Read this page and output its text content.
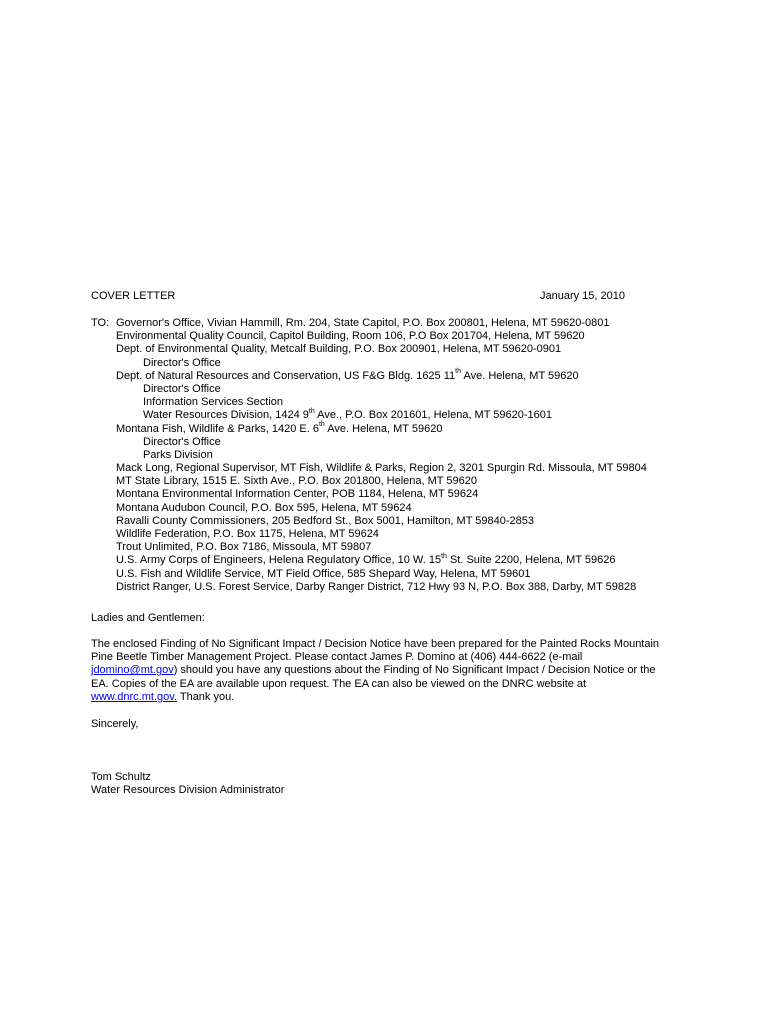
COVER LETTER	January 15, 2010
TO: Governor's Office, Vivian Hammill, Rm. 204, State Capitol, P.O. Box 200801, Helena, MT 59620-0801
Environmental Quality Council, Capitol Building, Room 106, P.O Box 201704, Helena, MT 59620
Dept. of Environmental Quality, Metcalf Building, P.O. Box 200901, Helena, MT 59620-0901
Director's Office
Dept. of Natural Resources and Conservation, US F&G Bldg. 1625 11th Ave. Helena, MT 59620
Director's Office
Information Services Section
Water Resources Division, 1424 9th Ave., P.O. Box 201601, Helena, MT 59620-1601
Montana Fish, Wildlife & Parks, 1420 E. 6th Ave. Helena, MT 59620
Director's Office
Parks Division
Mack Long, Regional Supervisor, MT Fish, Wildlife & Parks, Region 2, 3201 Spurgin Rd. Missoula, MT 59804
MT State Library, 1515 E. Sixth Ave., P.O. Box 201800, Helena, MT 59620
Montana Environmental Information Center, POB 1184, Helena, MT 59624
Montana Audubon Council, P.O. Box 595, Helena, MT 59624
Ravalli County Commissioners, 205 Bedford St., Box 5001, Hamilton, MT 59840-2853
Wildlife Federation, P.O. Box 1175, Helena, MT 59624
Trout Unlimited, P.O. Box 7186, Missoula, MT 59807
U.S. Army Corps of Engineers, Helena Regulatory Office, 10 W. 15th St. Suite 2200, Helena, MT 59626
U.S. Fish and Wildlife Service, MT Field Office, 585 Shepard Way, Helena, MT 59601
District Ranger, U.S. Forest Service, Darby Ranger District, 712 Hwy 93 N, P.O. Box 388, Darby, MT 59828
Ladies and Gentlemen:
The enclosed Finding of No Significant Impact / Decision Notice have been prepared for the Painted Rocks Mountain
Pine Beetle Timber Management Project. Please contact James P. Domino at (406) 444-6622 (e-mail
jdomino@mt.gov) should you have any questions about the Finding of No Significant Impact / Decision Notice or the
EA. Copies of the EA are available upon request. The EA can also be viewed on the DNRC website at
www.dnrc.mt.gov. Thank you.
Sincerely,
Tom Schultz
Water Resources Division Administrator
